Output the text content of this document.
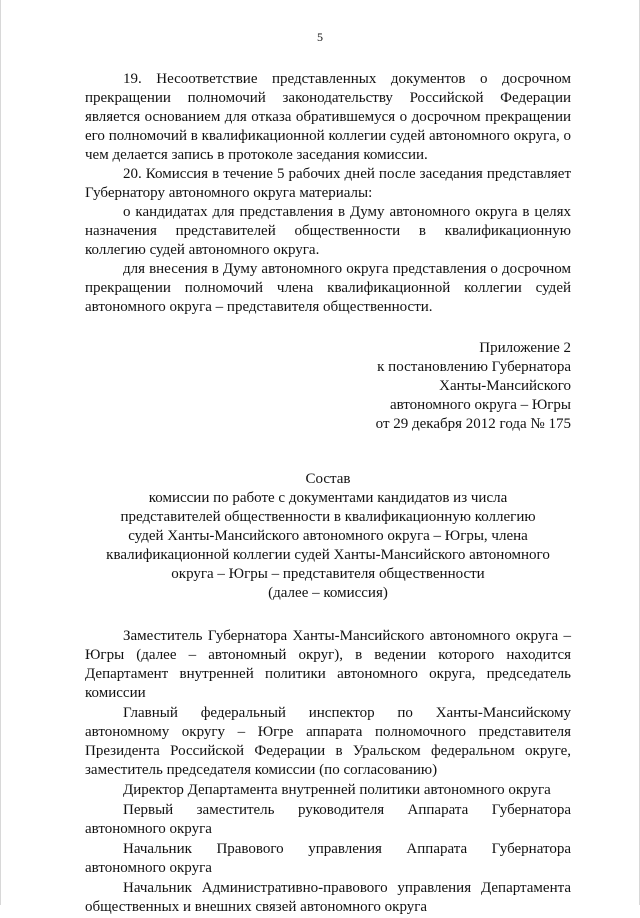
5

19. Несоответствие представленных документов о досрочном прекращении полномочий законодательству Российской Федерации является основанием для отказа обратившемуся о досрочном прекращении его полномочий в квалификационной коллегии судей автономного округа, о чем делается запись в протоколе заседания комиссии.

20. Комиссия в течение 5 рабочих дней после заседания представляет Губернатору автономного округа материалы:

о кандидатах для представления в Думу автономного округа в целях назначения представителей общественности в квалификационную коллегию судей автономного округа.

для внесения в Думу автономного округа представления о досрочном прекращении полномочий члена квалификационной коллегии судей автономного округа – представителя общественности.

Приложение 2
к постановлению Губернатора
Ханты-Мансийского
автономного округа – Югры
от 29 декабря 2012 года № 175
Состав
комиссии по работе с документами кандидатов из числа
представителей общественности в квалификационную коллегию
судей Ханты-Мансийского автономного округа – Югры, члена
квалификационной коллегии судей Ханты-Мансийского автономного
округа – Югры – представителя общественности
(далее – комиссия)

Заместитель Губернатора Ханты-Мансийского автономного округа – Югры (далее – автономный округ), в ведении которого находится Департамент внутренней политики автономного округа, председатель комиссии

Главный федеральный инспектор по Ханты-Мансийскому автономному округу – Югре аппарата полномочного представителя Президента Российской Федерации в Уральском федеральном округе, заместитель председателя комиссии (по согласованию)

Директор Департамента внутренней политики автономного округа

Первый заместитель руководителя Аппарата Губернатора автономного округа

Начальник Правового управления Аппарата Губернатора автономного округа

Начальник Административно-правового управления Департамента общественных и внешних связей автономного округа
